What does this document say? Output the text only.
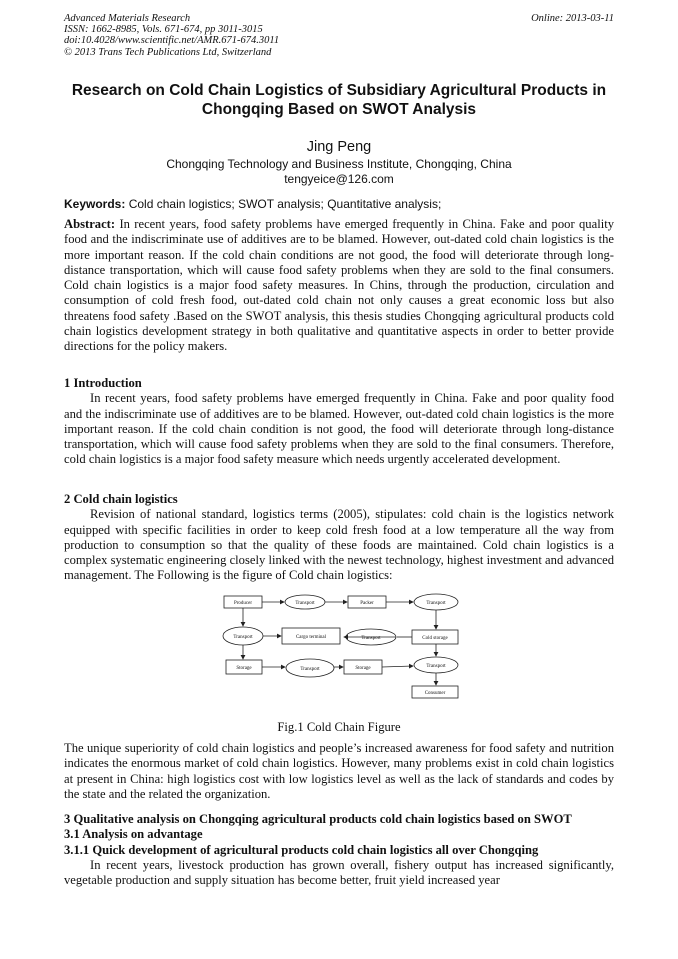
Advanced Materials Research
ISSN: 1662-8985, Vols. 671-674, pp 3011-3015
doi:10.4028/www.scientific.net/AMR.671-674.3011
© 2013 Trans Tech Publications Ltd, Switzerland
Online: 2013-03-11
Research on Cold Chain Logistics of Subsidiary Agricultural Products in Chongqing Based on SWOT Analysis
Jing Peng
Chongqing Technology and Business Institute, Chongqing, China
tengyeice@126.com
Keywords: Cold chain logistics; SWOT analysis; Quantitative analysis;

Abstract: In recent years, food safety problems have emerged frequently in China. Fake and poor quality food and the indiscriminate use of additives are to be blamed. However, out-dated cold chain logistics is the more important reason. If the cold chain conditions are not good, the food will deteriorate through long-distance transportation, which will cause food safety problems when they are sold to the final consumers. Cold chain logistics is a major food safety measures. In Chins, through the production, circulation and consumption of cold fresh food, out-dated cold chain not only causes a great economic loss but also threatens food safety .Based on the SWOT analysis, this thesis studies Chongqing agricultural products cold chain logistics development strategy in both qualitative and quantitative aspects in order to better provide directions for the policy makers.

1 Introduction

In recent years, food safety problems have emerged frequently in China. Fake and poor quality food and the indiscriminate use of additives are to be blamed. However, out-dated cold chain logistics is the more important reason. If the cold chain condition is not good, the food will deteriorate through long-distance transportation, which will cause food safety problems when they are sold to the final consumers. Therefore, cold chain logistics is a major food safety measure which needs urgently accelerated development.

2 Cold chain logistics

Revision of national standard, logistics terms (2005), stipulates: cold chain is the logistics network equipped with specific facilities in order to keep cold fresh food at a low temperature all the way from production to consumption so that the quality of these foods are maintained. Cold chain logistics is a complex systematic engineering closely linked with the newest technology, highest investment and advanced management. The Following is the figure of Cold chain logistics:

Producer	Transport	Packer	Transport
Transport	Cargo terminal	Transport	Cold storage
Storage	Transport	Storage	Transport
Consumer
Fig.1 Cold Chain Figure

The unique superiority of cold chain logistics and people’s increased awareness for food safety and nutrition indicates the enormous market of cold chain logistics. However, many problems exist in cold chain logistics at present in China: high logistics cost with low logistics level as well as the lack of standards and codes by the state and the related the organization.

3 Qualitative analysis on Chongqing agricultural products cold chain logistics based on SWOT

3.1 Analysis on advantage

3.1.1 Quick development of agricultural products cold chain logistics all over Chongqing

In recent years, livestock production has grown overall, fishery output has increased significantly, vegetable production and supply situation has become better, fruit yield increased year
